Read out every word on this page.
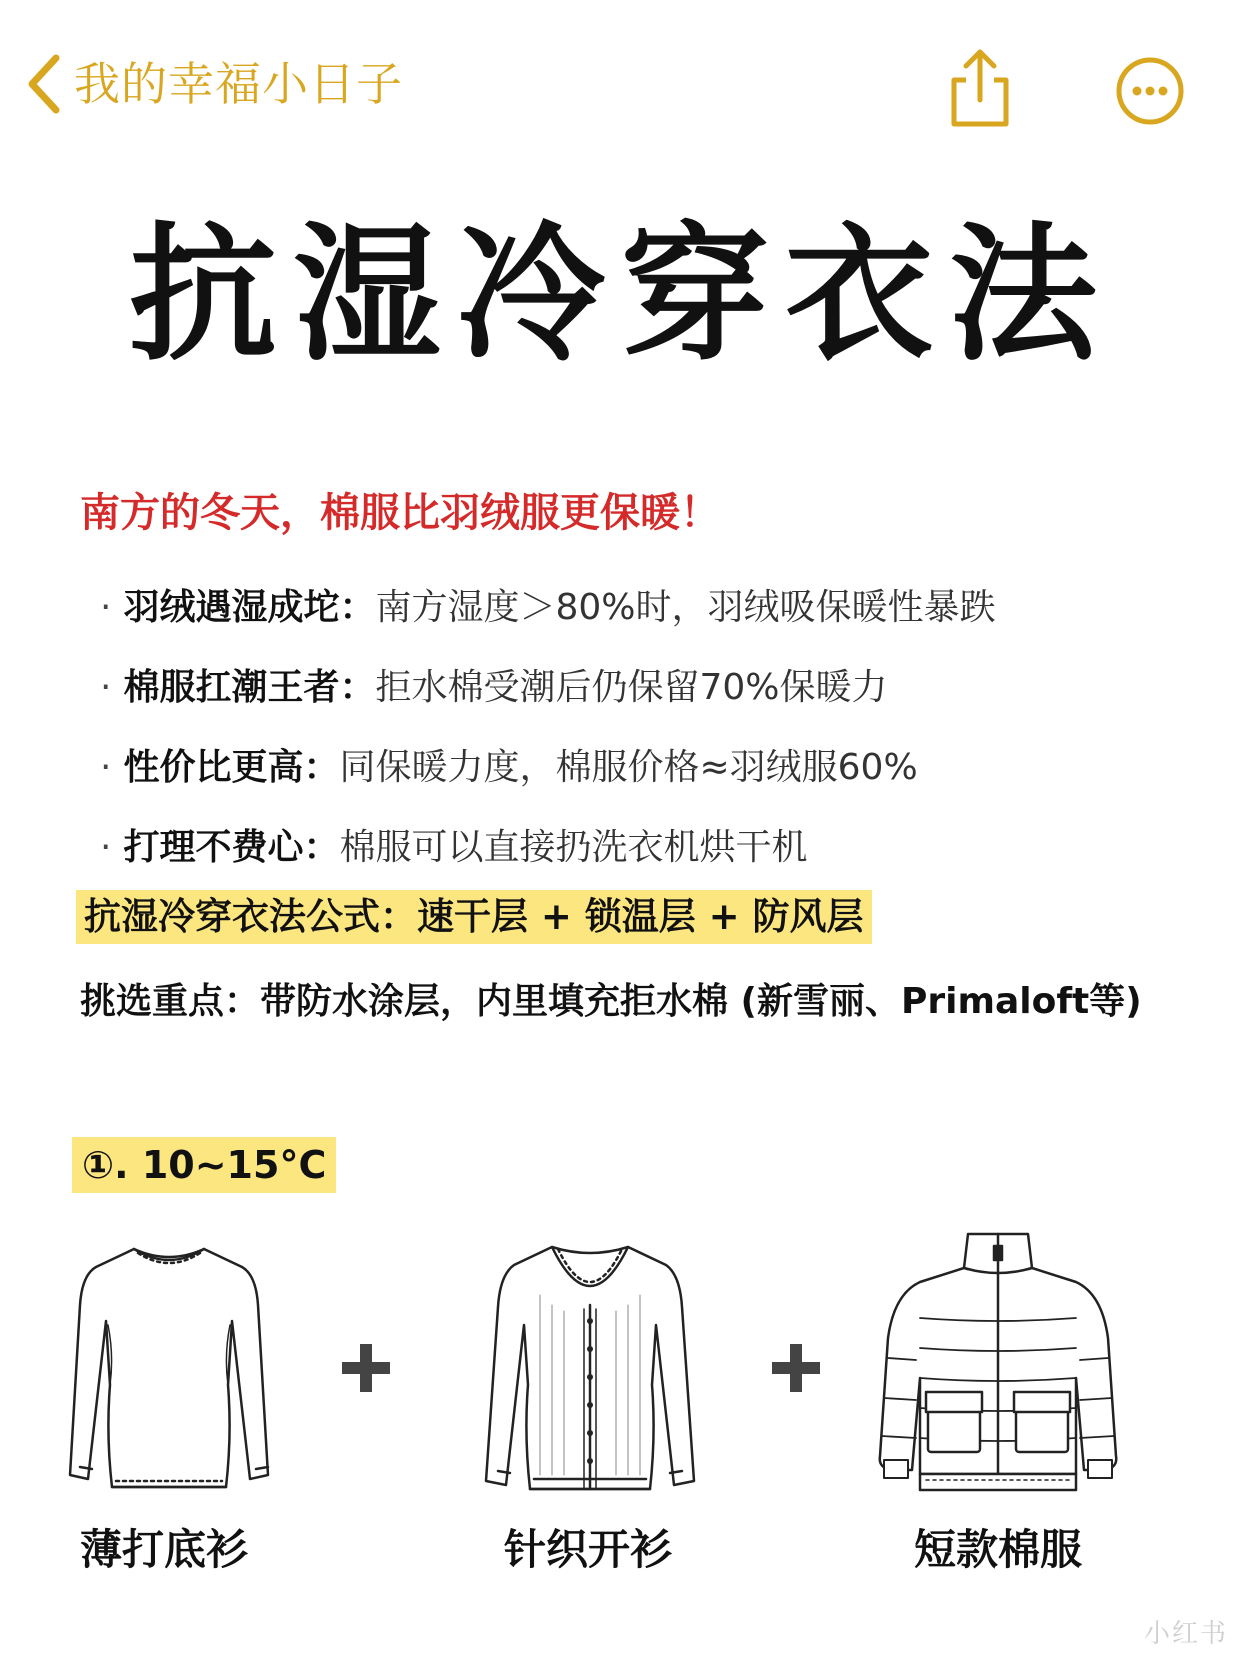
我的幸福小日子
抗湿冷穿衣法
南方的冬天，棉服比羽绒服更保暖！
· 羽绒遇湿成坨：南方湿度＞80%时，羽绒吸保暖性暴跌
· 棉服扛潮王者：拒水棉受潮后仍保留70%保暖力
· 性价比更高：同保暖力度，棉服价格≈羽绒服60%
· 打理不费心：棉服可以直接扔洗衣机烘干机
抗湿冷穿衣法公式：速干层 + 锁温层 + 防风层
挑选重点：带防水涂层，内里填充拒水棉 (新雪丽、Primaloft等)
①. 10~15°C
薄打底衫	针织开衫	短款棉服
小红书
